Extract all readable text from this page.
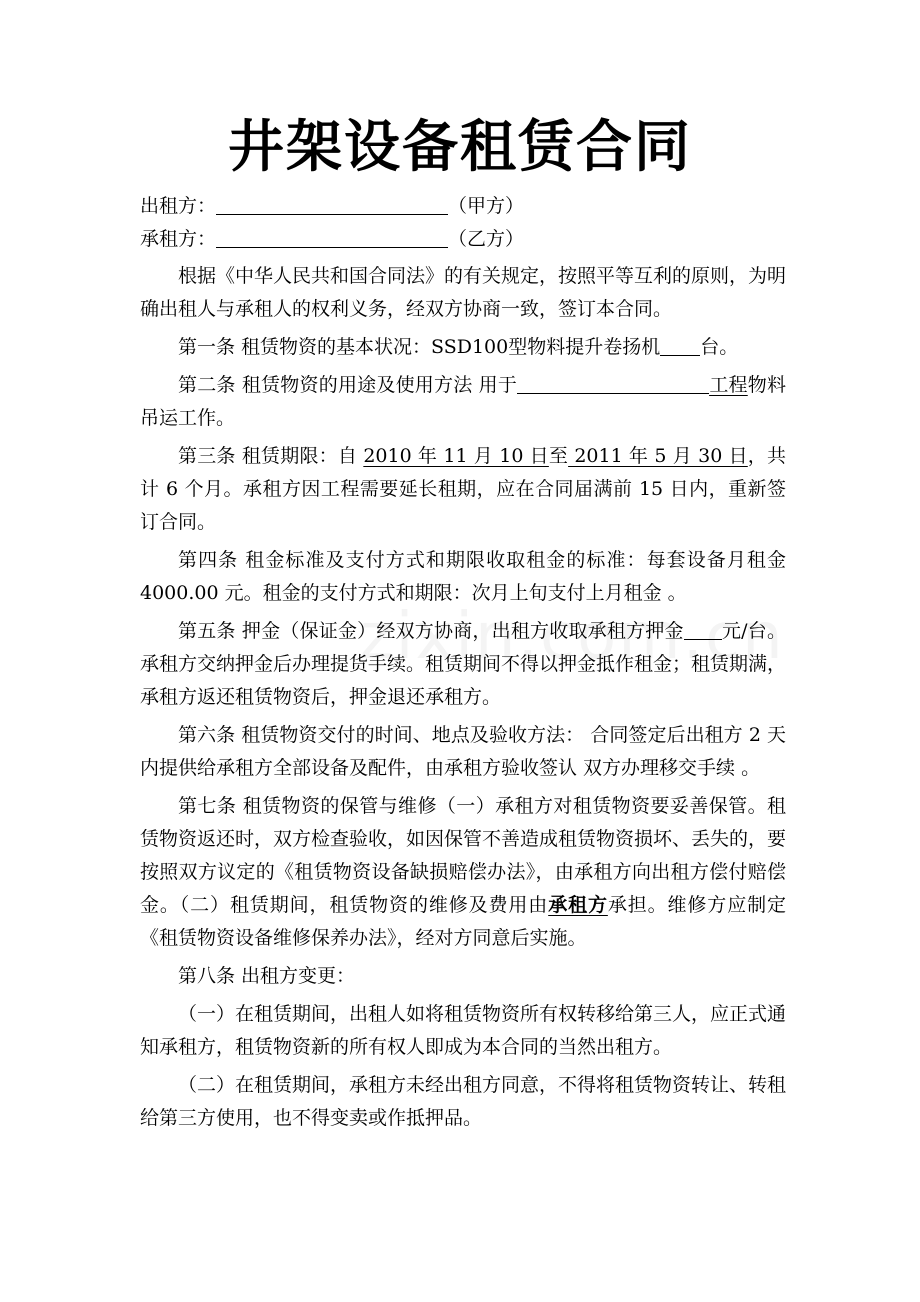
井架设备租赁合同
出租方：	（甲方）
承租方：	（乙方）

根据《中华人民共和国合同法》的有关规定，按照平等互利的原则，为明确出租人与承租人的权利义务，经双方协商一致，签订本合同。

第一条 租赁物资的基本状况：SSD100型物料提升卷扬机 台。

第二条 租赁物资的用途及使用方法 用于	工程物料吊运工作。

第三条 租赁期限：自 2010 年 11 月 10 日至 2011 年 5 月 30 日，共计 6 个月。承租方因工程需要延长租期，应在合同届满前 15 日内，重新签订合同。

第四条 租金标准及支付方式和期限收取租金的标准：每套设备月租金 4000.00 元。租金的支付方式和期限：次月上旬支付上月租金 。

第五条 押金（保证金）经双方协商，出租方收取承租方押金 元/台。承租方交纳押金后办理提货手续。租赁期间不得以押金抵作租金；租赁期满，承租方返还租赁物资后，押金退还承租方。

第六条 租赁物资交付的时间、地点及验收方法： 合同签定后出租方 2 天内提供给承租方全部设备及配件，由承租方验收签认 双方办理移交手续 。

第七条 租赁物资的保管与维修（一）承租方对租赁物资要妥善保管。租赁物资返还时，双方检查验收，如因保管不善造成租赁物资损坏、丢失的，要按照双方议定的《租赁物资设备缺损赔偿办法》，由承租方向出租方偿付赔偿金。（二）租赁期间，租赁物资的维修及费用由承租方承担。维修方应制定《租赁物资设备维修保养办法》，经对方同意后实施。

第八条 出租方变更：

（一）在租赁期间，出租人如将租赁物资所有权转移给第三人，应正式通知承租方，租赁物资新的所有权人即成为本合同的当然出租方。

（二）在租赁期间，承租方未经出租方同意，不得将租赁物资转让、转租给第三方使用，也不得变卖或作抵押品。
